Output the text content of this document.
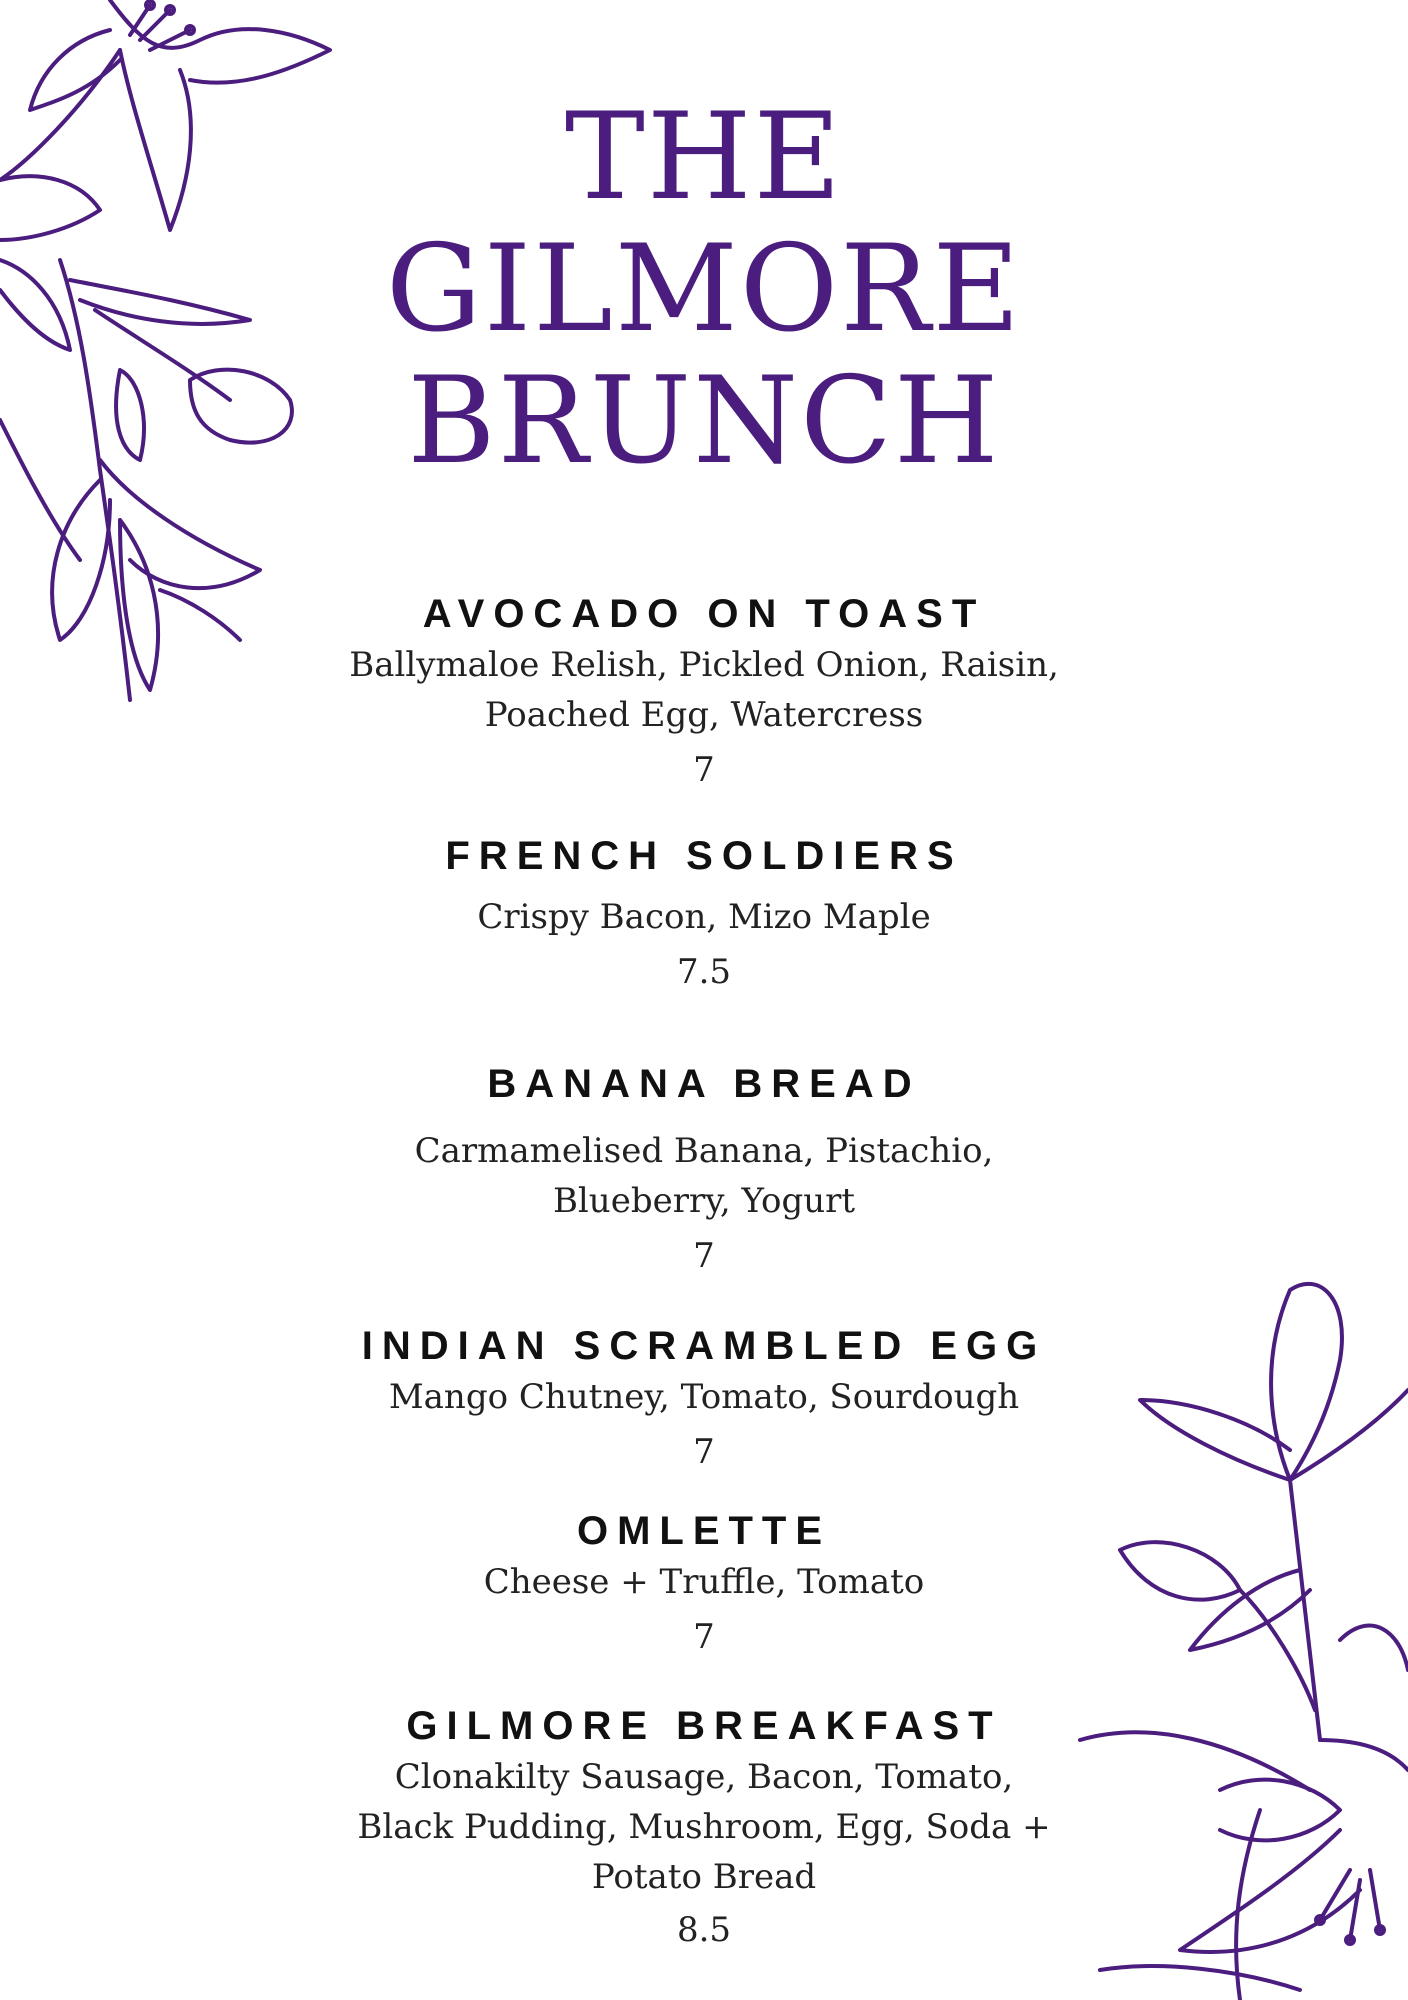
THE
GILMORE
BRUNCH
AVOCADO ON TOAST
Ballymaloe Relish, Pickled Onion, Raisin, Poached Egg, Watercress
7
FRENCH SOLDIERS
Crispy Bacon, Mizo Maple
7.5
BANANA BREAD
Carmamelised Banana, Pistachio, Blueberry, Yogurt
7
INDIAN SCRAMBLED EGG
Mango Chutney, Tomato, Sourdough
7
OMLETTE
Cheese + Truffle, Tomato
7
GILMORE BREAKFAST
Clonakilty Sausage, Bacon, Tomato, Black Pudding, Mushroom, Egg, Soda + Potato Bread
8.5
